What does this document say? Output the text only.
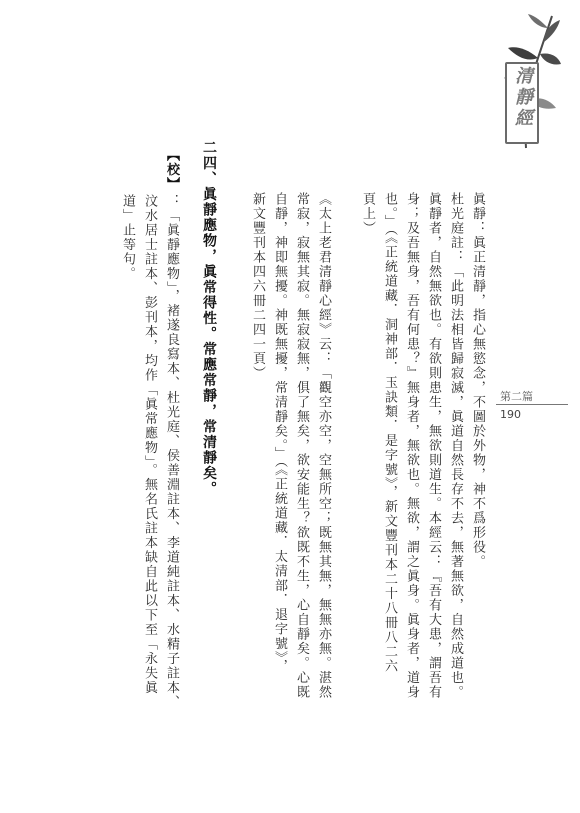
清靜經
第二篇
190
眞靜：眞正清靜，指心無慾念，不圖於外物，神不爲形役。
杜光庭註：「此明法相皆歸寂滅，眞道自然長存不去，無著無欲，自然成道也。
眞靜者，自然無欲也。有欲則患生，無欲則道生。本經云：『吾有大患，謂吾有
身；及吾無身，吾有何患？』無身者，無欲也。無欲，謂之眞身。眞身者，道身
也。」（《正統道藏．洞神部．玉訣類．是字號》，新文豐刊本二十八冊八二六
頁上）
《太上老君清靜心經》云：「觀空亦空，空無所空；既無其無，無無亦無。湛然
常寂，寂無其寂。無寂寂無，俱了無矣，欲安能生？欲既不生，心自靜矣。心既
自靜，神即無擾。神既無擾，常清靜矣。」（《正統道藏．太清部．退字號》，
新文豐刊本四六冊二四一頁）
二四、眞靜應物，眞常得性。常應常靜，常清靜矣。
【校】
：「眞靜應物」，褚遂良寫本、杜光庭、侯善淵註本、李道純註本、水精子註本、
汶水居士註本、彭刊本，均作「眞常應物」。無名氏註本缺自此以下至「永失眞
道」止等句。
